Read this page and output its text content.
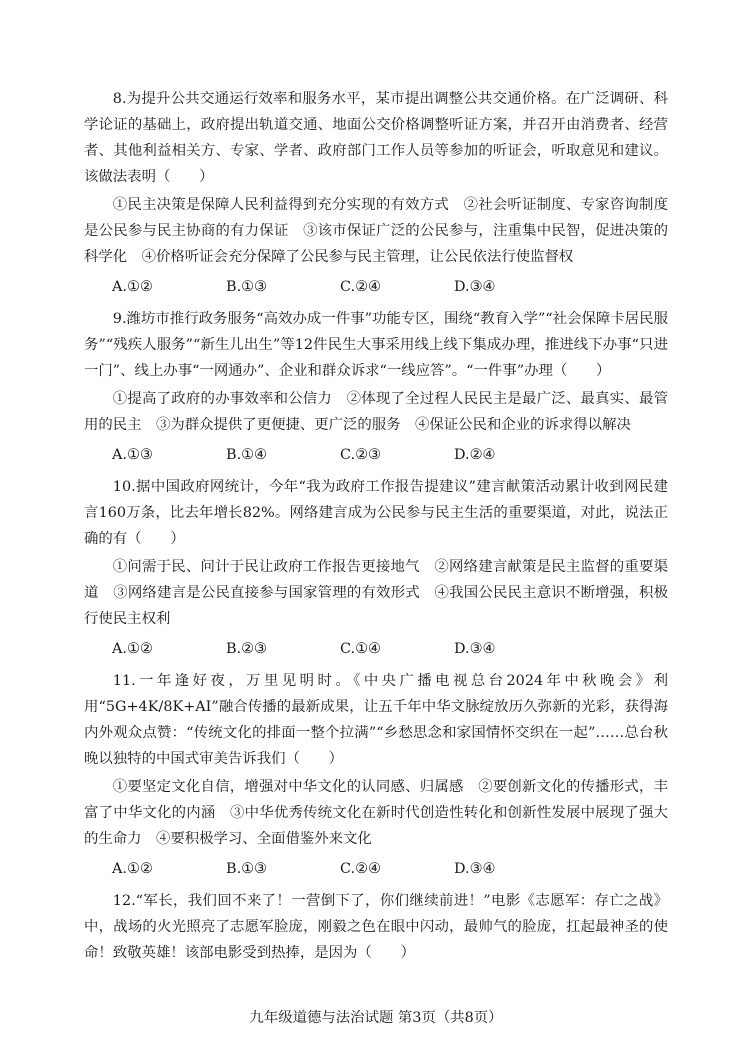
8.为提升公共交通运行效率和服务水平，某市提出调整公共交通价格。在广泛调研、科学论证的基础上，政府提出轨道交通、地面公交价格调整听证方案，并召开由消费者、经营者、其他利益相关方、专家、学者、政府部门工作人员等参加的听证会，听取意见和建议。该做法表明（　　）

①民主决策是保障人民利益得到充分实现的有效方式　②社会听证制度、专家咨询制度是公民参与民主协商的有力保证　③该市保证广泛的公民参与，注重集中民智，促进决策的科学化　④价格听证会充分保障了公民参与民主管理，让公民依法行使监督权

A.①②	B.①③	C.②④	D.③④

9.潍坊市推行政务服务“高效办成一件事”功能专区，围绕“教育入学”“社会保障卡居民服务”“残疾人服务”“新生儿出生”等12件民生大事采用线上线下集成办理，推进线下办事“只进一门”、线上办事“一网通办”、企业和群众诉求“一线应答”。“一件事”办理（　　）

①提高了政府的办事效率和公信力　②体现了全过程人民民主是最广泛、最真实、最管用的民主　③为群众提供了更便捷、更广泛的服务　④保证公民和企业的诉求得以解决

A.①③	B.①④	C.②③	D.②④

10.据中国政府网统计，今年“我为政府工作报告提建议”建言献策活动累计收到网民建言160万条，比去年增长82%。网络建言成为公民参与民主生活的重要渠道，对此，说法正确的有（　　）

①问需于民、问计于民让政府工作报告更接地气　②网络建言献策是民主监督的重要渠道　③网络建言是公民直接参与国家管理的有效形式　④我国公民民主意识不断增强，积极行使民主权利

A.①②	B.②③	C.①④	D.③④

11.一年逢好夜，万里见明时。《中央广播电视总台2024年中秋晚会》利用“5G+4K/8K+AI”融合传播的最新成果，让五千年中华文脉绽放历久弥新的光彩，获得海内外观众点赞：“传统文化的排面一整个拉满”“乡愁思念和家国情怀交织在一起”……总台秋晚以独特的中国式审美告诉我们（　　）

①要坚定文化自信，增强对中华文化的认同感、归属感　②要创新文化的传播形式，丰富了中华文化的内涵　③中华优秀传统文化在新时代创造性转化和创新性发展中展现了强大的生命力　④要积极学习、全面借鉴外来文化

A.①②	B.①③	C.②④	D.③④

12.“军长，我们回不来了！一营倒下了，你们继续前进！”电影《志愿军：存亡之战》中，战场的火光照亮了志愿军脸庞，刚毅之色在眼中闪动，最帅气的脸庞，扛起最神圣的使命！致敬英雄！该部电影受到热捧，是因为（　　）

九年级道德与法治试题 第3页（共8页）
